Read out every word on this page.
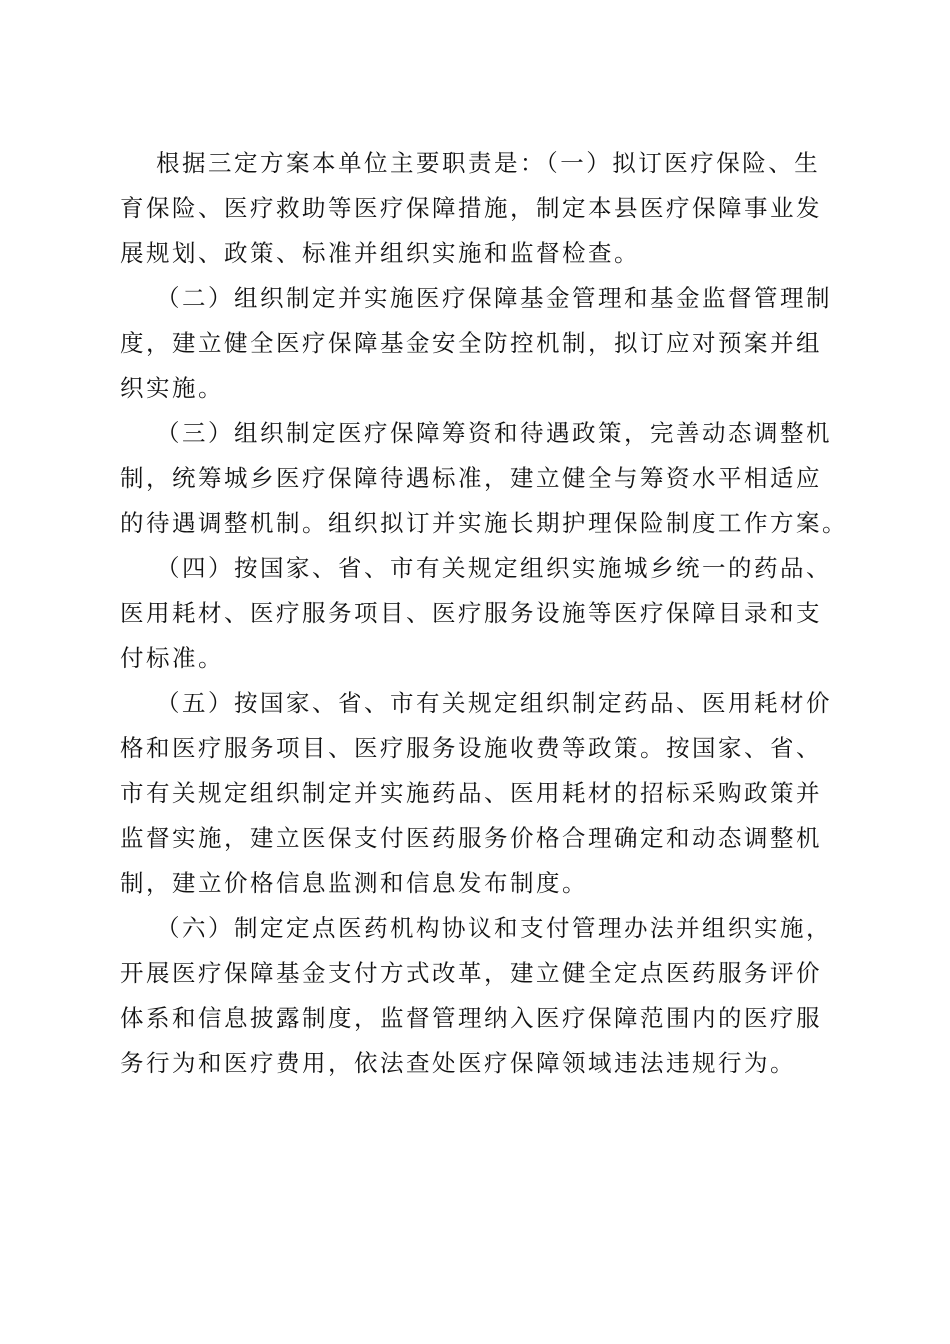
根据三定方案本单位主要职责是：（一）拟订医疗保险、生
育保险、医疗救助等医疗保障措施，制定本县医疗保障事业发
展规划、政策、标准并组织实施和监督检查。
（二）组织制定并实施医疗保障基金管理和基金监督管理制
度，建立健全医疗保障基金安全防控机制，拟订应对预案并组
织实施。
（三）组织制定医疗保障筹资和待遇政策，完善动态调整机
制，统筹城乡医疗保障待遇标准，建立健全与筹资水平相适应
的待遇调整机制。组织拟订并实施长期护理保险制度工作方案。
（四）按国家、省、市有关规定组织实施城乡统一的药品、
医用耗材、医疗服务项目、医疗服务设施等医疗保障目录和支
付标准。
（五）按国家、省、市有关规定组织制定药品、医用耗材价
格和医疗服务项目、医疗服务设施收费等政策。按国家、省、
市有关规定组织制定并实施药品、医用耗材的招标采购政策并
监督实施，建立医保支付医药服务价格合理确定和动态调整机
制，建立价格信息监测和信息发布制度。
（六）制定定点医药机构协议和支付管理办法并组织实施，
开展医疗保障基金支付方式改革，建立健全定点医药服务评价
体系和信息披露制度，监督管理纳入医疗保障范围内的医疗服
务行为和医疗费用，依法查处医疗保障领域违法违规行为。
